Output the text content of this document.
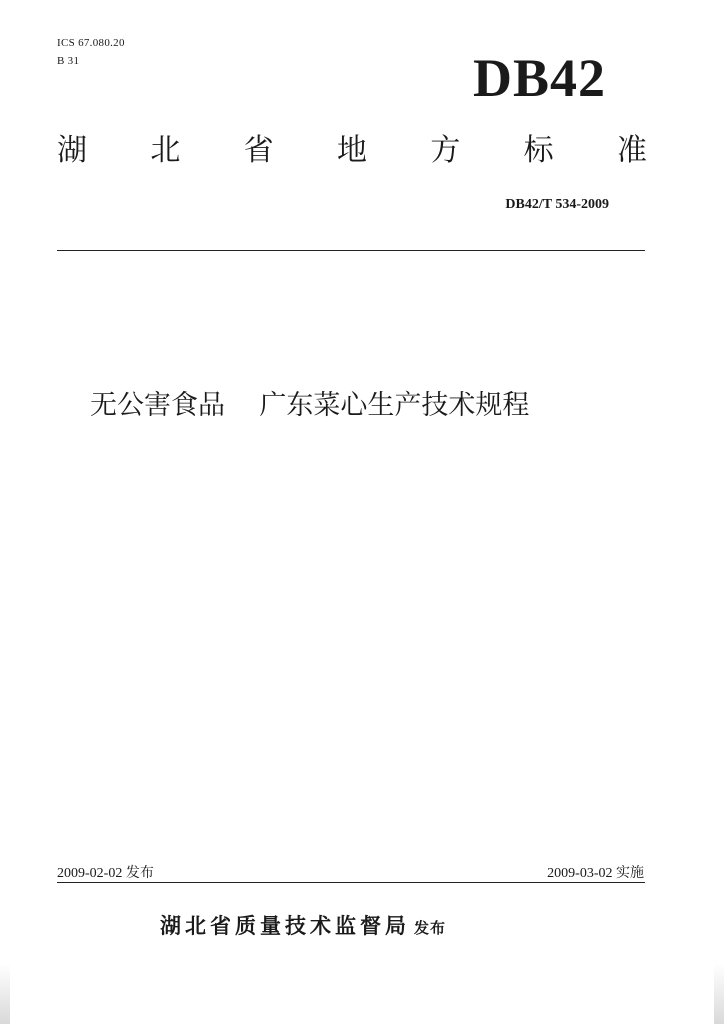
ICS 67.080.20
B 31	DB42
湖 北 省 地 方 标 准
DB42/T 534-2009
无公害食品    广东菜心生产技术规程
2009-02-02 发布	2009-03-02 实施
湖北省质量技术监督局 发布
